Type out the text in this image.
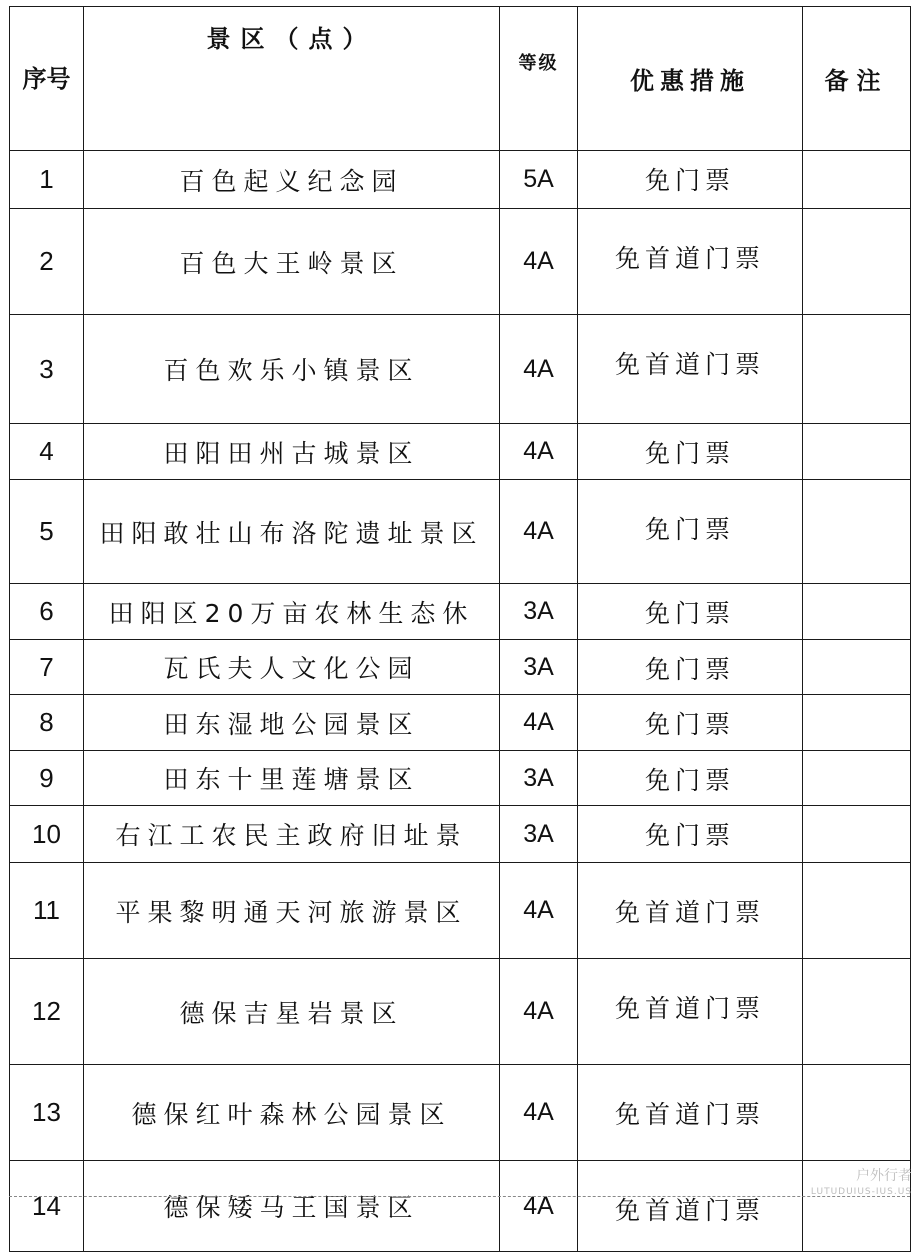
序号	景区（点）	等级	优惠措施	备注
1	百色起义纪念园	5A	免门票	
2	百色大王岭景区	4A	免首道门票	
3	百色欢乐小镇景区	4A	免首道门票	
4	田阳田州古城景区	4A	免门票	
5	田阳敢壮山布洛陀遗址景区	4A	免门票	
6	田阳区20万亩农林生态休	3A	免门票	
7	瓦氏夫人文化公园	3A	免门票	
8	田东湿地公园景区	4A	免门票	
9	田东十里莲塘景区	3A	免门票	
10	右江工农民主政府旧址景	3A	免门票	
11	平果黎明通天河旅游景区	4A	免首道门票	
12	德保吉星岩景区	4A	免首道门票	
13	德保红叶森林公园景区	4A	免首道门票	
14	德保矮马王国景区	4A	免首道门票	
户外行者
LUTUDUIUS-IUS.US
